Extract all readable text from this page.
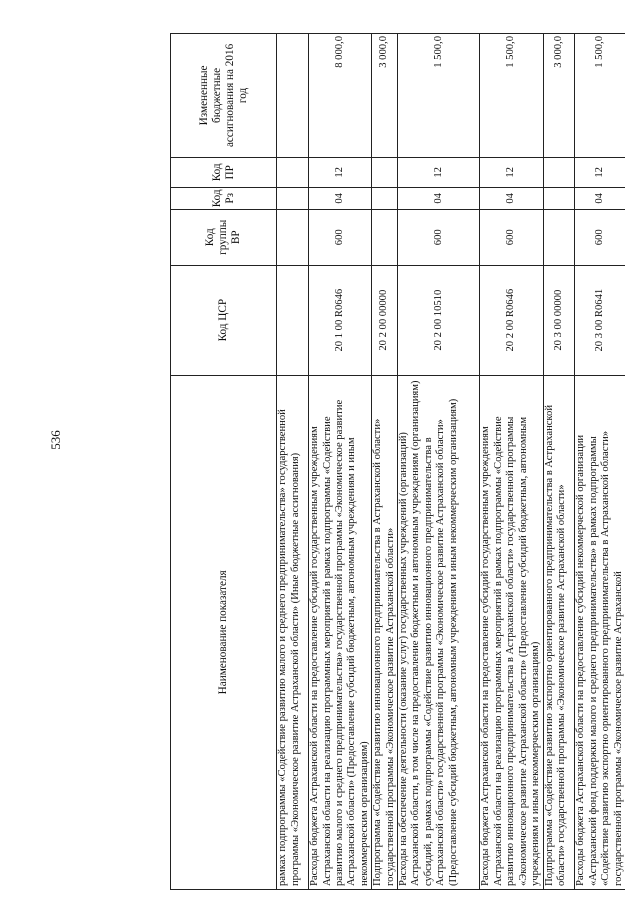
536
Наименование показателя
Код ЦСР
Код группы ВР
Код Рз
Код ПР
Измененные бюджетные ассигнования на 2016 год
рамках подпрограммы «Содействие развитию малого и среднего предпринимательства» государственной программы «Экономическое развитие Астраханской области» (Иные бюджетные ассигнования) Расходы бюджета Астраханской области на предоставление субсидий государственным учреждениям Астраханской области на реализацию программных мероприятий в рамках подпрограммы «Содействие развитию малого и среднего предпринимательства» государственной программы «Экономическое развитие Астраханской области» (Предоставление субсидий бюджетным, автономным учреждениям и иным некоммерческим организациям)
20 1 00 R0646
600
04
12
8 000,0
Подпрограмма «Содействие развитию инновационного предпринимательства в Астраханской области» государственной программы «Экономическое развитие Астраханской области»
20 2 00 00000
3 000,0
Расходы на обеспечение деятельности (оказание услуг) государственных учреждений (организаций) Астраханской области, в том числе на предоставление бюджетным и автономным учреждениям (организациям) субсидий, в рамках подпрограммы «Содействие развитию инновационного предпринимательства в Астраханской области» государственной программы «Экономическое развитие Астраханской области» (Предоставление субсидий бюджетным, автономным учреждениям и иным некоммерческим организациям)
20 2 00 10510
600
04
12
1 500,0
Расходы бюджета Астраханской области на предоставление субсидий государственным учреждениям Астраханской области на реализацию программных мероприятий в рамках подпрограммы «Содействие развитию инновационного предпринимательства в Астраханской области» государственной программы «Экономическое развитие Астраханской области» (Предоставление субсидий бюджетным, автономным учреждениям и иным некоммерческим организациям)
20 2 00 R0646
600
04
12
1 500,0
Подпрограмма «Содействие развитию экспортно ориентированного предпринимательства в Астраханской области» государственной программы «Экономическое развитие Астраханской области»
20 3 00 00000
3 000,0
Расходы бюджета Астраханской области на предоставление субсидий некоммерческой организации «Астраханский фонд поддержки малого и среднего предпринимательства» в рамках подпрограммы «Содействие развитию экспортно ориентированного предпринимательства в Астраханской области» государственной программы «Экономическое развитие Астраханской
20 3 00 R0641
600
04
12
1 500,0
